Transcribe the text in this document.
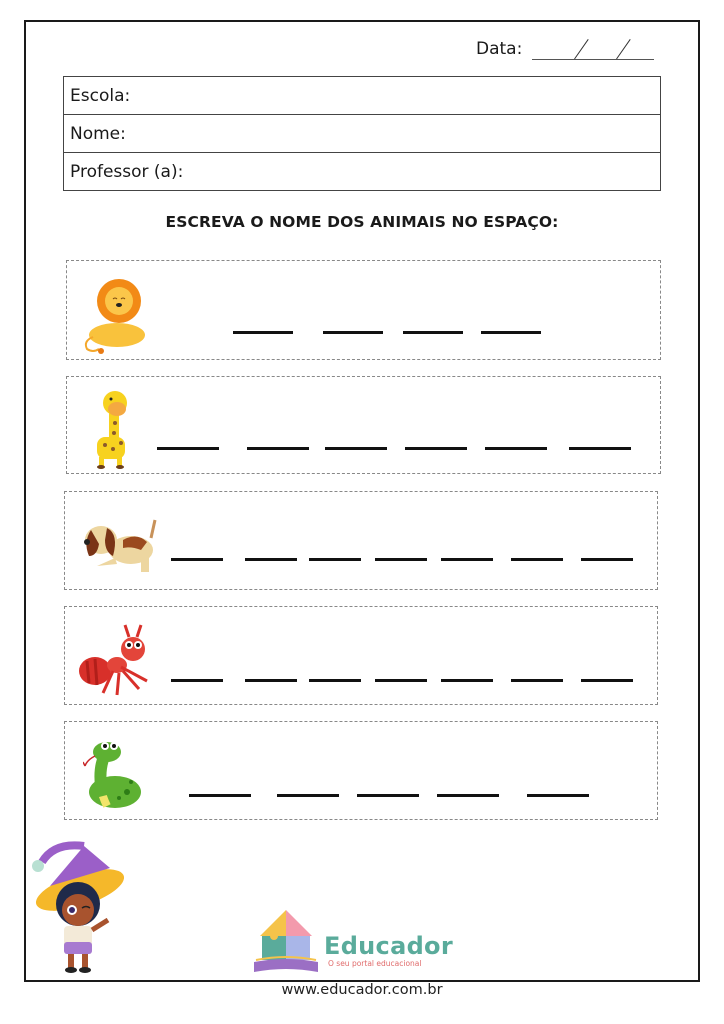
Data:
Escola:
Nome:
Professor (a):
ESCREVA O NOME DOS ANIMAIS NO ESPAÇO:
Educador
O seu portal educacional
www.educador.com.br
